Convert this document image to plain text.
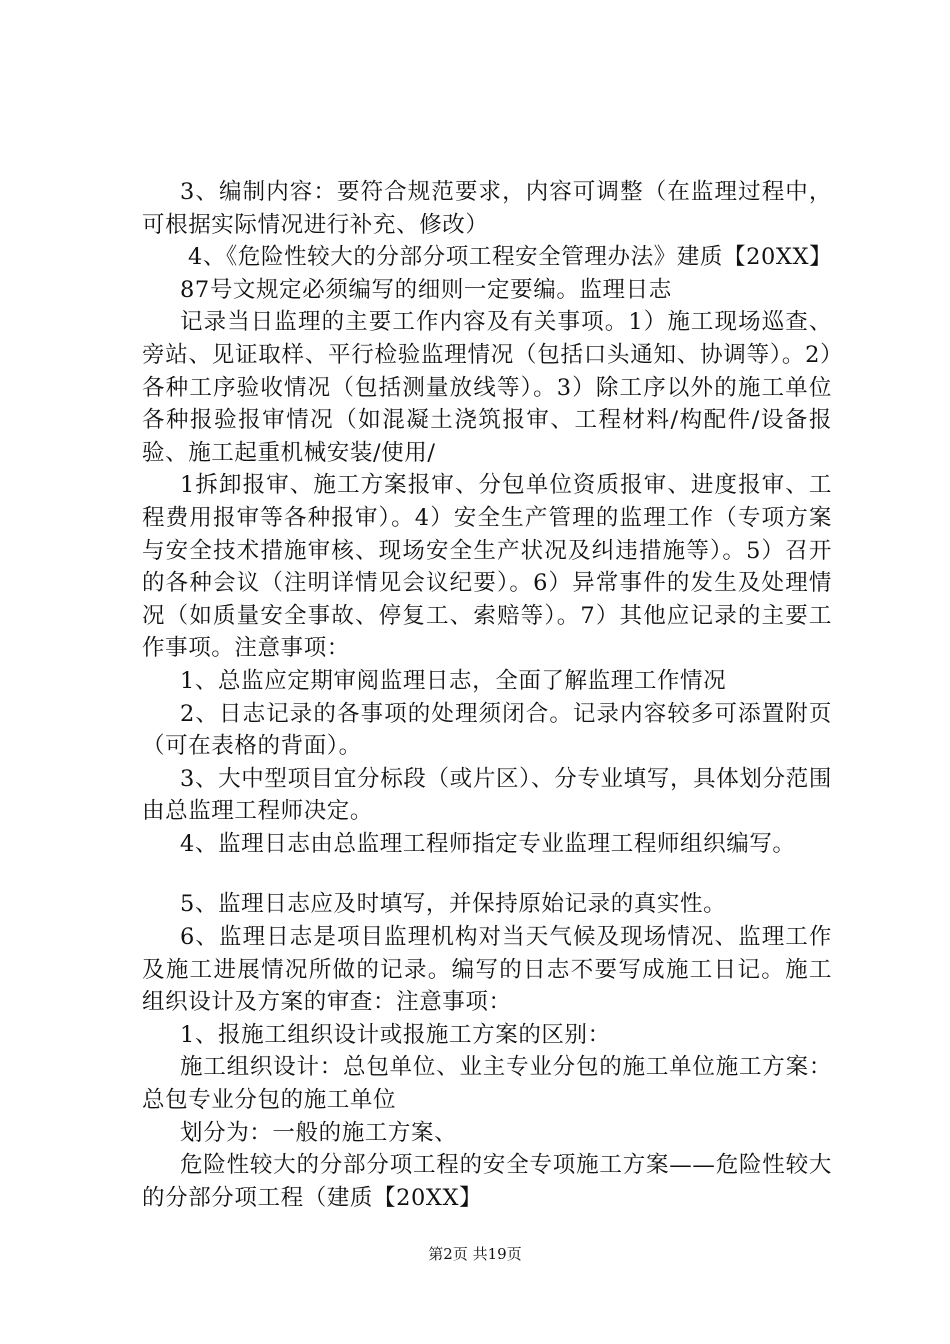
3、编制内容：要符合规范要求，内容可调整（在监理过程中，可根据实际情况进行补充、修改）

4、《危险性较大的分部分项工程安全管理办法》建质【20XX】

87号文规定必须编写的细则一定要编。监理日志

记录当日监理的主要工作内容及有关事项。1）施工现场巡查、旁站、见证取样、平行检验监理情况（包括口头通知、协调等）。2）各种工序验收情况（包括测量放线等）。3）除工序以外的施工单位各种报验报审情况（如混凝土浇筑报审、工程材料/构配件/设备报验、施工起重机械安装/使用/

1拆卸报审、施工方案报审、分包单位资质报审、进度报审、工程费用报审等各种报审）。4）安全生产管理的监理工作（专项方案与安全技术措施审核、现场安全生产状况及纠违措施等）。5）召开的各种会议（注明详情见会议纪要）。6）异常事件的发生及处理情况（如质量安全事故、停复工、索赔等）。7）其他应记录的主要工作事项。注意事项：

1、总监应定期审阅监理日志，全面了解监理工作情况

2、日志记录的各事项的处理须闭合。记录内容较多可添置附页（可在表格的背面）。

3、大中型项目宜分标段（或片区）、分专业填写，具体划分范围由总监理工程师决定。

4、监理日志由总监理工程师指定专业监理工程师组织编写。

5、监理日志应及时填写，并保持原始记录的真实性。

6、监理日志是项目监理机构对当天气候及现场情况、监理工作及施工进展情况所做的记录。编写的日志不要写成施工日记。施工组织设计及方案的审查：注意事项：

1、报施工组织设计或报施工方案的区别：

施工组织设计：总包单位、业主专业分包的施工单位施工方案：总包专业分包的施工单位

划分为：一般的施工方案、

危险性较大的分部分项工程的安全专项施工方案——危险性较大的分部分项工程（建质【20XX】

第2页 共19页
